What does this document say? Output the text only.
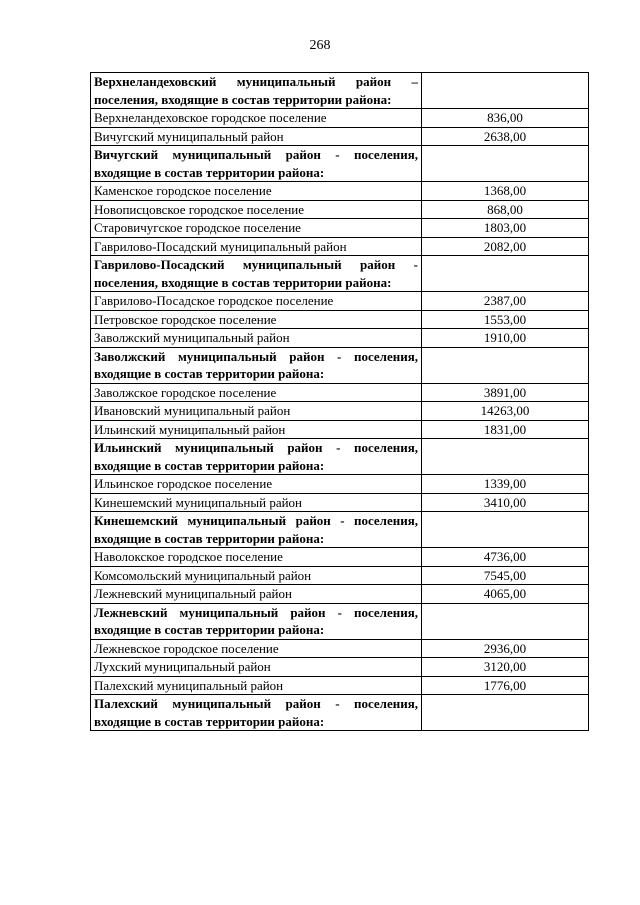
268
Верхнеландеховский муниципальный район – поселения, входящие в состав территории района:	
Верхнеландеховское городское поселение	836,00
Вичугский муниципальный район	2638,00
Вичугский муниципальный район - поселения, входящие в состав территории района:	
Каменское городское поселение	1368,00
Новописцовское городское поселение	868,00
Старовичугское городское поселение	1803,00
Гаврилово-Посадский муниципальный район	2082,00
Гаврилово-Посадский муниципальный район - поселения, входящие в состав территории района:	
Гаврилово-Посадское городское поселение	2387,00
Петровское городское поселение	1553,00
Заволжский муниципальный район	1910,00
Заволжский муниципальный район - поселения, входящие в состав территории района:	
Заволжское городское поселение	3891,00
Ивановский муниципальный район	14263,00
Ильинский муниципальный район	1831,00
Ильинский муниципальный район - поселения, входящие в состав территории района:	
Ильинское городское поселение	1339,00
Кинешемский муниципальный район	3410,00
Кинешемский муниципальный район - поселения, входящие в состав территории района:	
Наволокское городское поселение	4736,00
Комсомольский муниципальный район	7545,00
Лежневский муниципальный район	4065,00
Лежневский муниципальный район - поселения, входящие в состав территории района:	
Лежневское городское поселение	2936,00
Лухский муниципальный район	3120,00
Палехский муниципальный район	1776,00
Палехский муниципальный район - поселения, входящие в состав территории района:	
